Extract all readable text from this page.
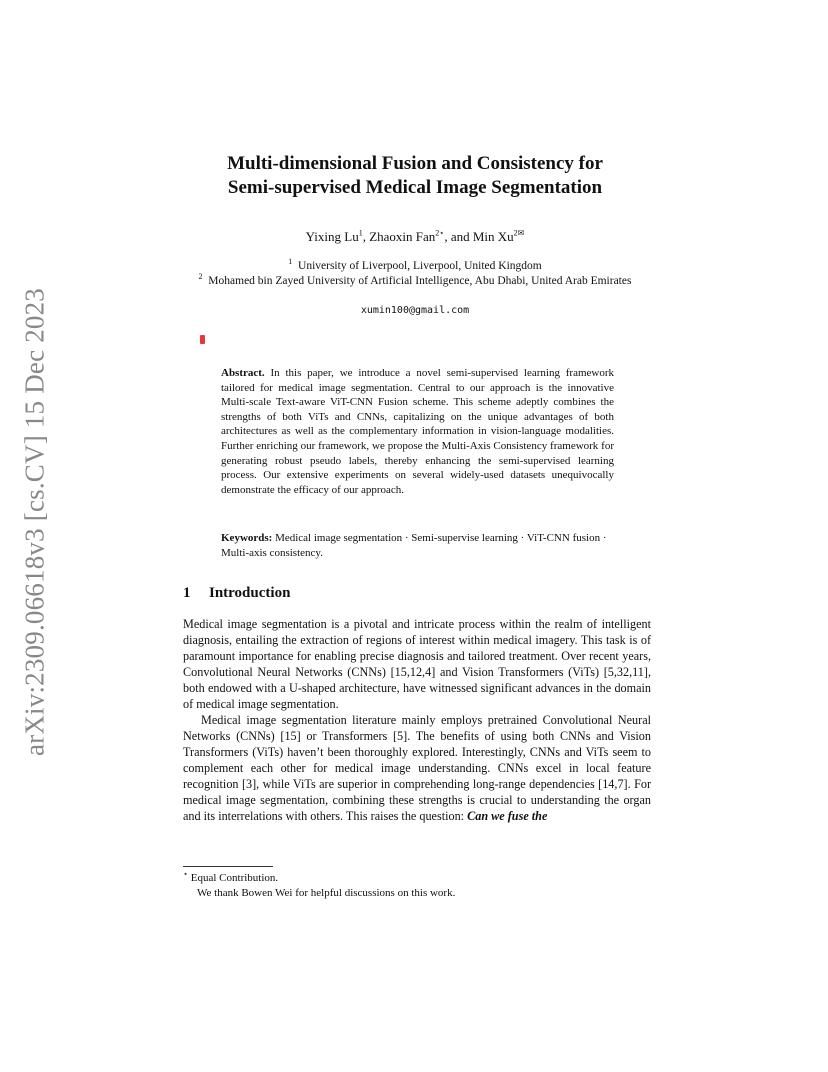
arXiv:2309.06618v3 [cs.CV] 15 Dec 2023
Multi-dimensional Fusion and Consistency for
Semi-supervised Medical Image Segmentation
Yixing Lu$^1$, Zhaoxin Fan$^{2⋆}$, and Min $Xu^{2✉}$
$^1$ University of Liverpool, Liverpool, United Kingdom
$^2$ Mohamed bin Zayed University of Artificial Intelligence, Abu Dhabi, United Arab Emirates
xumin100@gmail.com
Abstract. In this paper, we introduce a novel semi-supervised learning framework tailored for medical image segmentation. Central to our approach is the innovative Multi-scale Text-aware ViT-CNN Fusion scheme. This scheme adeptly combines the strengths of both ViTs and CNNs, capitalizing on the unique advantages of both architectures as well as the complementary information in vision-language modalities. Further enriching our framework, we propose the Multi-Axis Consistency framework for generating robust pseudo labels, thereby enhancing the semi-supervised learning process. Our extensive experiments on several widely-used datasets unequivocally demonstrate the efficacy of our approach.
Keywords: Medical image segmentation · Semi-supervise learning · ViT-CNN fusion · Multi-axis consistency.
1 Introduction

Medical image segmentation is a pivotal and intricate process within the realm of intelligent diagnosis, entailing the extraction of regions of interest within medical imagery. This task is of paramount importance for enabling precise diagnosis and tailored treatment. Over recent years, Convolutional Neural Networks (CNNs) [15,12,4] and Vision Transformers (ViTs) [5,32,11], both endowed with a U-shaped architecture, have witnessed significant advances in the domain of medical image segmentation.

Medical image segmentation literature mainly employs pretrained Convolutional Neural Networks (CNNs) [15] or Transformers [5]. The benefits of using both CNNs and Vision Transformers (ViTs) haven’t been thoroughly explored. Interestingly, CNNs and ViTs seem to complement each other for medical image understanding. CNNs excel in local feature recognition [3], while ViTs are superior in comprehending long-range dependencies [14,7]. For medical image segmentation, combining these strengths is crucial to understanding the organ and its interrelations with others. This raises the question: Can we fuse the

⋆ Equal Contribution.
We thank Bowen Wei for helpful discussions on this work.
